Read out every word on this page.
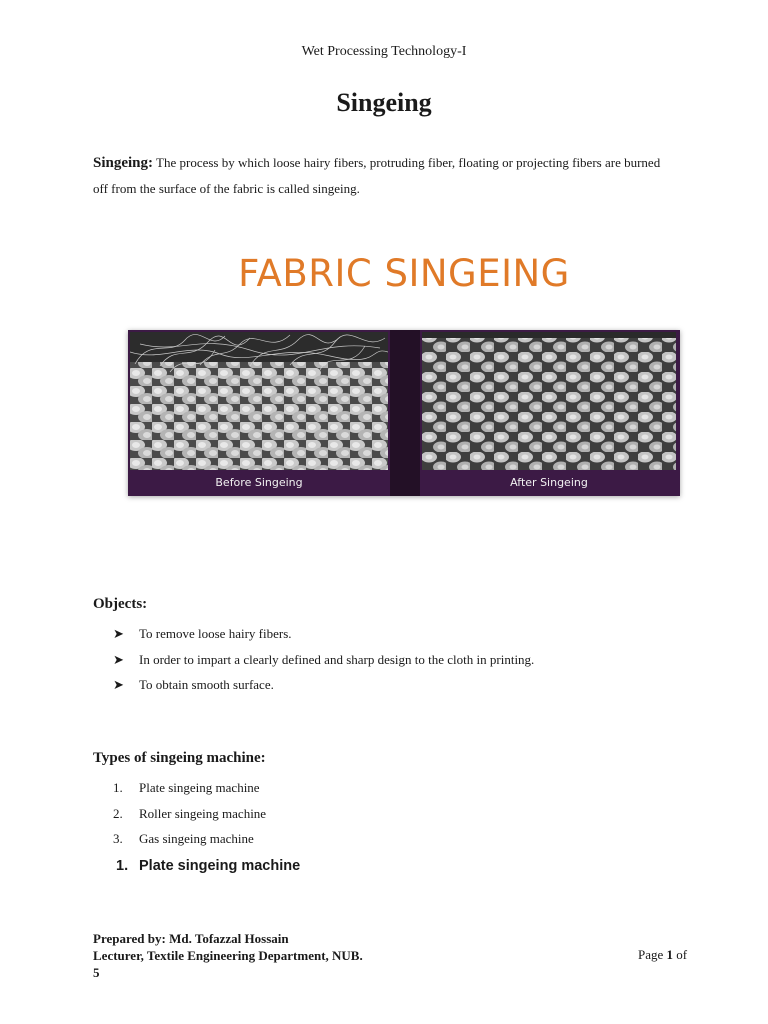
Wet Processing Technology-I
Singeing
Singeing: The process by which loose hairy fibers, protruding fiber, floating or projecting fibers are burned off from the surface of the fabric is called singeing.
FABRIC SINGEING
Before Singeing	After Singeing
Objects:
➤	To remove loose hairy fibers.
➤	In order to impart a clearly defined and sharp design to the cloth in printing.
➤	To obtain smooth surface.
Types of singeing machine:
1.	Plate singeing machine
2.	Roller singeing machine
3.	Gas singeing machine
1. Plate singeing machine
Prepared by: Md. Tofazzal Hossain
Lecturer, Textile Engineering Department, NUB.
5
Page 1 of
